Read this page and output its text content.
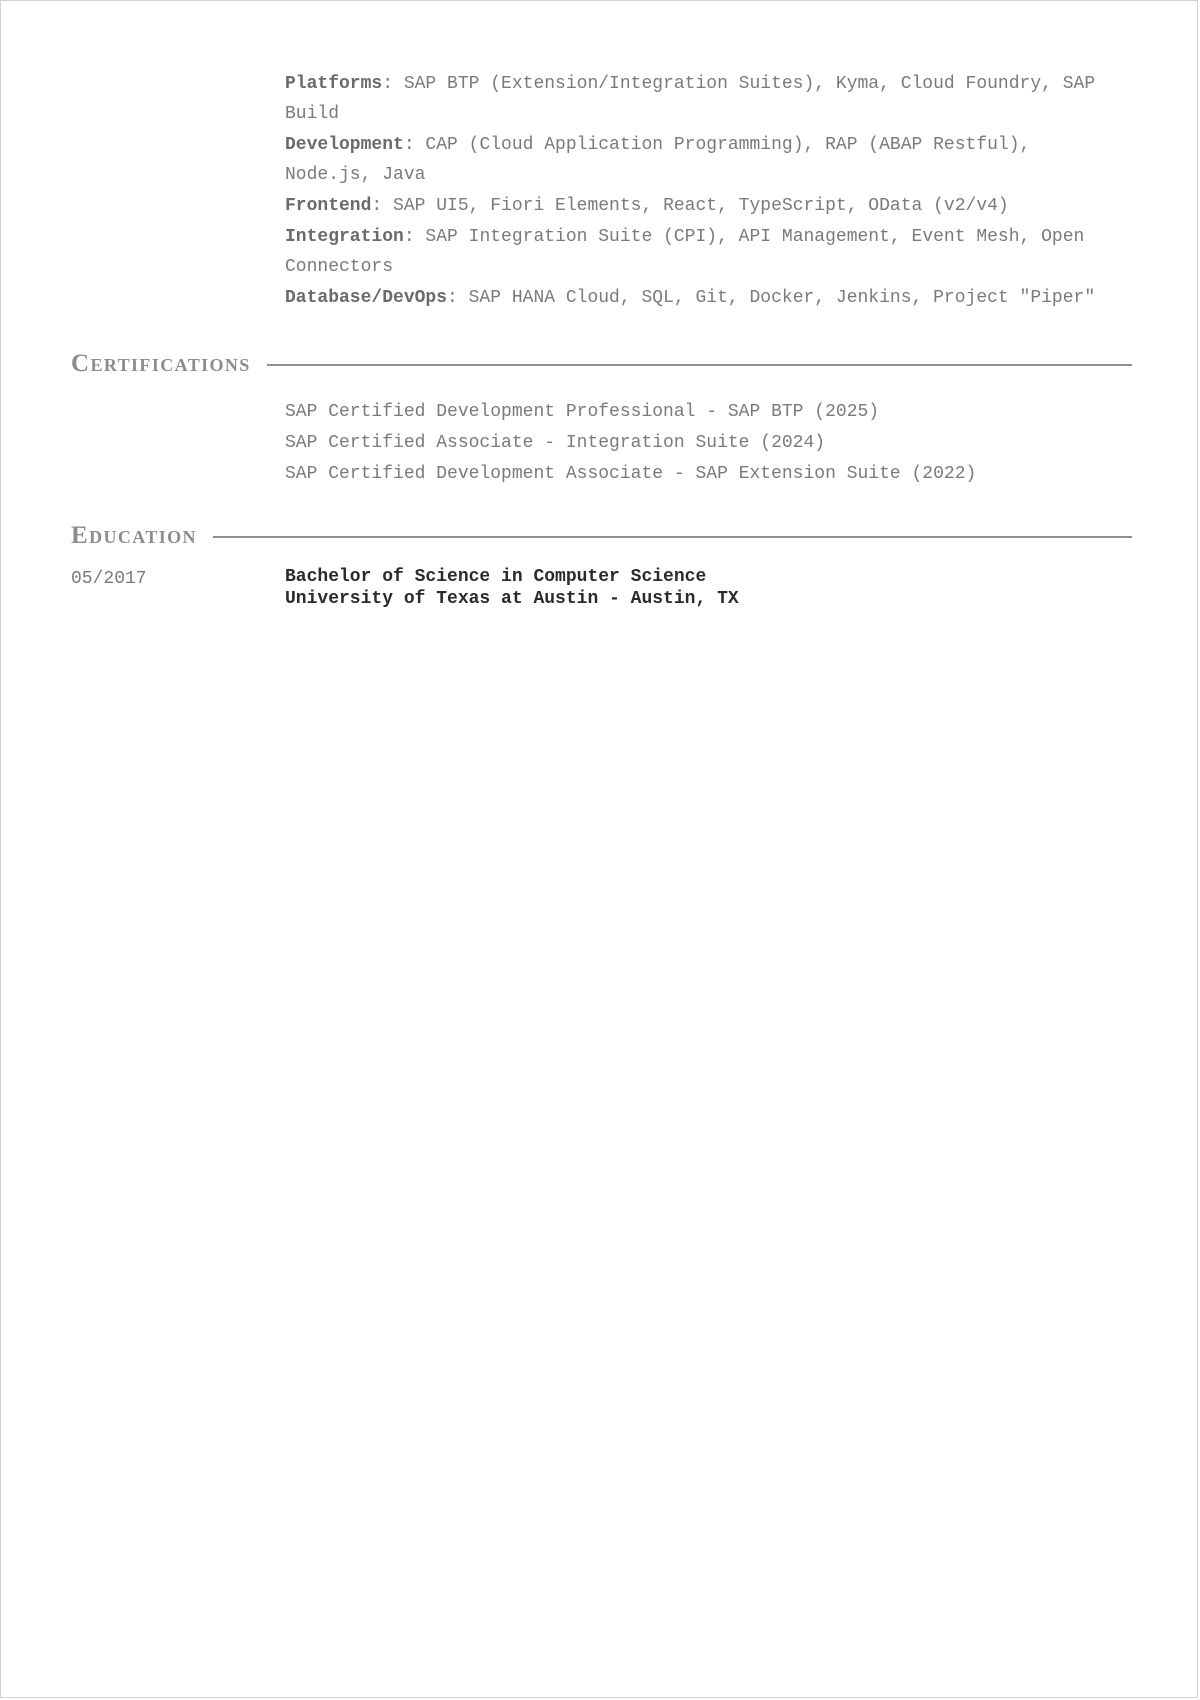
Platforms: SAP BTP (Extension/Integration Suites), Kyma, Cloud Foundry, SAP Build
Development: CAP (Cloud Application Programming), RAP (ABAP Restful), Node.js, Java
Frontend: SAP UI5, Fiori Elements, React, TypeScript, OData (v2/v4)
Integration: SAP Integration Suite (CPI), API Management, Event Mesh, Open Connectors
Database/DevOps: SAP HANA Cloud, SQL, Git, Docker, Jenkins, Project "Piper"
Certifications
SAP Certified Development Professional - SAP BTP (2025)
SAP Certified Associate - Integration Suite (2024)
SAP Certified Development Associate - SAP Extension Suite (2022)
Education
05/2017	Bachelor of Science in Computer Science
University of Texas at Austin - Austin, TX
